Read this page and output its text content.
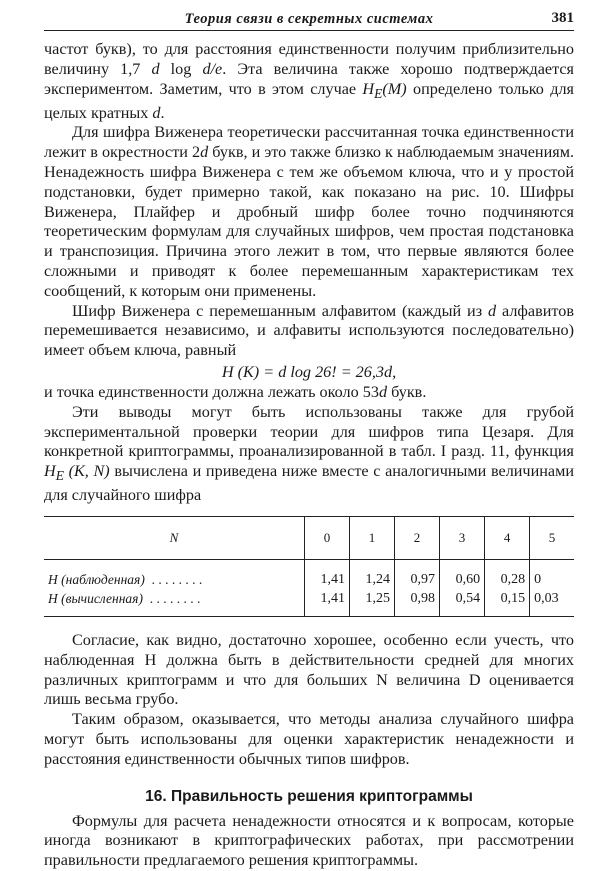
Теория связи в секретных системах	381

частот букв), то для расстояния единственности получим приблизительно величину 1,7 d log d/e. Эта величина также хорошо подтверждается экспериментом. Заметим, что в этом случае $H_E(M)$ определено только для целых кратных d.

Для шифра Виженера теоретически рассчитанная точка единственности лежит в окрестности 2d букв, и это также близко к наблюдаемым значениям. Ненадежность шифра Виженера с тем же объемом ключа, что и у простой подстановки, будет примерно такой, как показано на рис. 10. Шифры Виженера, Плайфер и дробный шифр более точно подчиняются теоретическим формулам для случайных шифров, чем простая подстановка и транспозиция. Причина этого лежит в том, что первые являются более сложными и приводят к более перемешанным характеристикам тех сообщений, к которым они применены.

Шифр Виженера с перемешанным алфавитом (каждый из d алфавитов перемешивается независимо, и алфавиты используются последовательно) имеет объем ключа, равный

H (K) = d log 26! = 26,3d,

и точка единственности должна лежать около 53d букв.

Эти выводы могут быть использованы также для грубой экспериментальной проверки теории для шифров типа Цезаря. Для конкретной криптограммы, проанализированной в табл. I разд. 11, функция $H_E$ (K, N) вычислена и приведена ниже вместе с аналогичными величинами для случайного шифра

N	0	1	2	3	4	5
H (наблюденная) . . . . . . . .	1,41	1,24	0,97	0,60	0,28	0
H (вычисленная) . . . . . . . .	1,41	1,25	0,98	0,54	0,15	0,03

Согласие, как видно, достаточно хорошее, особенно если учесть, что наблюденная H должна быть в действительности средней для многих различных криптограмм и что для больших N величина D оценивается лишь весьма грубо.

Таким образом, оказывается, что методы анализа случайного шифра могут быть использованы для оценки характеристик ненадежности и расстояния единственности обычных типов шифров.

16. Правильность решения криптограммы

Формулы для расчета ненадежности относятся и к вопросам, которые иногда возникают в криптографических работах, при рассмотрении правильности предлагаемого решения криптограммы.
